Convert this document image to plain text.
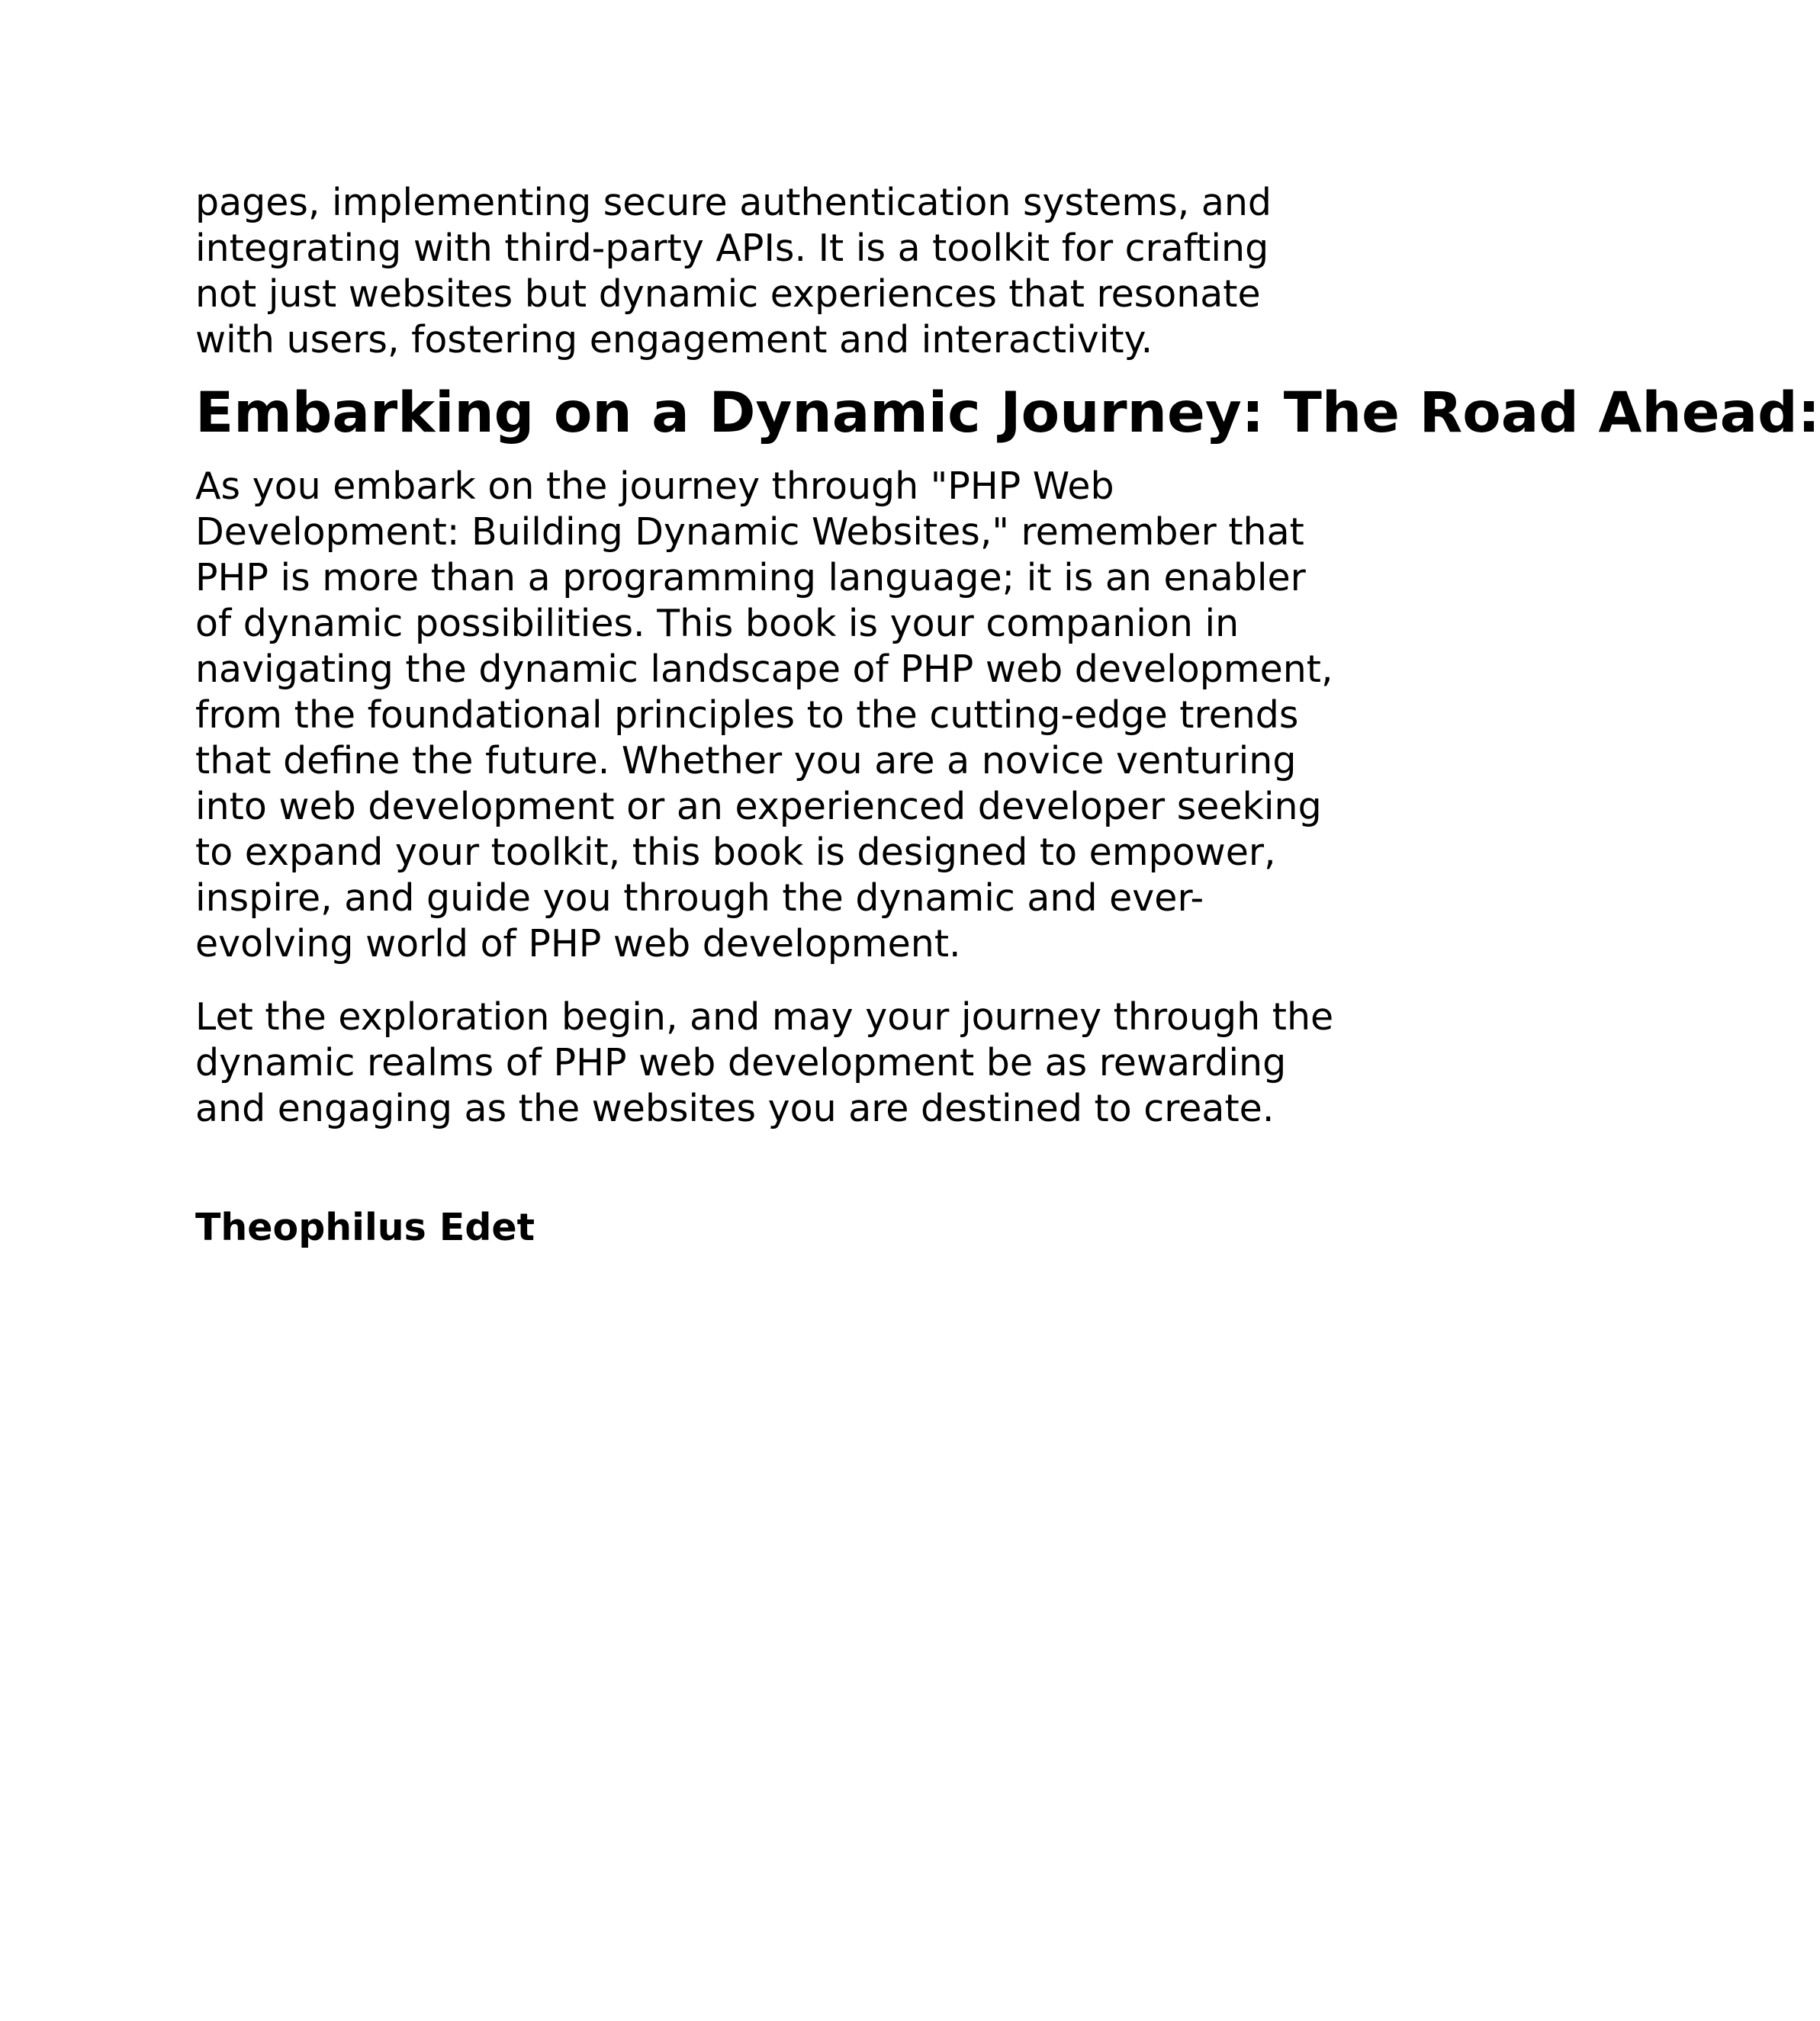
pages, implementing secure authentication systems, and
integrating with third-party APIs. It is a toolkit for crafting
not just websites but dynamic experiences that resonate
with users, fostering engagement and interactivity.

Embarking on a Dynamic Journey: The Road Ahead:

As you embark on the journey through "PHP Web
Development: Building Dynamic Websites," remember that
PHP is more than a programming language; it is an enabler
of dynamic possibilities. This book is your companion in
navigating the dynamic landscape of PHP web development,
from the foundational principles to the cutting-edge trends
that define the future. Whether you are a novice venturing
into web development or an experienced developer seeking
to expand your toolkit, this book is designed to empower,
inspire, and guide you through the dynamic and ever-
evolving world of PHP web development.

Let the exploration begin, and may your journey through the
dynamic realms of PHP web development be as rewarding
and engaging as the websites you are destined to create.

Theophilus Edet
